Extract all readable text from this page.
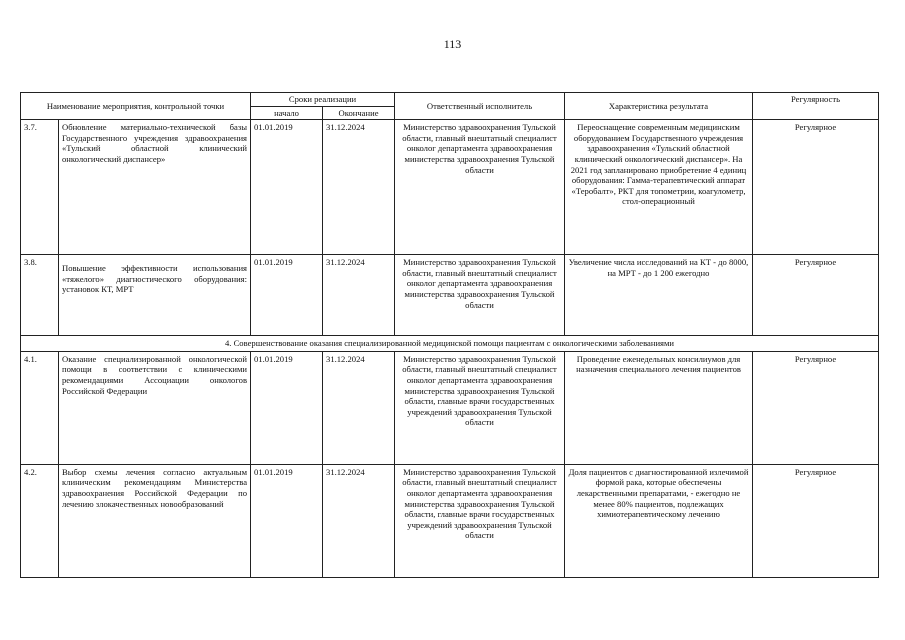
113
Наименование мероприятия, контрольной точки		Сроки реализации		Ответственный исполнитель	Характеристика результата	Регулярность
		начало	Окончание			
3.7.	Обновление материально-технической базы Государственного учреждения здравоохранения «Тульский областной клинический онкологический диспансер»	01.01.2019	31.12.2024	Министерство здравоохранения Тульской области, главный внештатный специалист онколог департамента здравоохранения министерства здравоохранения Тульской области	Переоснащение современным медицинским оборудованием Государственного учреждения здравоохранения «Тульский областной клинический онкологический диспансер». На 2021 год запланировано приобретение 4 единиц оборудования: Гамма-терапевтический аппарат «Теробалт», РКТ для топометрии, коагулометр, стол-операционный	Регулярное
3.8.	Повышение эффективности использования «тяжелого» диагностического оборудования: установок КТ, МРТ	01.01.2019	31.12.2024	Министерство здравоохранения Тульской области, главный внештатный специалист онколог департамента здравоохранения министерства здравоохранения Тульской области	Увеличение числа исследований на КТ - до 8000, на МРТ - до 1 200 ежегодно	Регулярное
4. Совершенствование оказания специализированной медицинской помощи пациентам с онкологическими заболеваниями						
4.1.	Оказание специализированной онкологической помощи в соответствии с клиническими рекомендациями Ассоциации онкологов Российской Федерации	01.01.2019	31.12.2024	Министерство здравоохранения Тульской области, главный внештатный специалист онколог департамента здравоохранения министерства здравоохранения Тульской области, главные врачи государственных учреждений здравоохранения Тульской области	Проведение еженедельных консилиумов для назначения специального лечения пациентов	Регулярное
4.2.	Выбор схемы лечения согласно актуальным клиническим рекомендациям Министерства здравоохранения Российской Федерации по лечению злокачественных новообразований	01.01.2019	31.12.2024	Министерство здравоохранения Тульской области, главный внештатный специалист онколог департамента здравоохранения министерства здравоохранения Тульской области, главные врачи государственных учреждений здравоохранения Тульской области	Доля пациентов с диагностированной излечимой формой рака, которые обеспечены лекарственными препаратами, - ежегодно не менее 80% пациентов, подлежащих химиотерапевтическому лечению	Регулярное
